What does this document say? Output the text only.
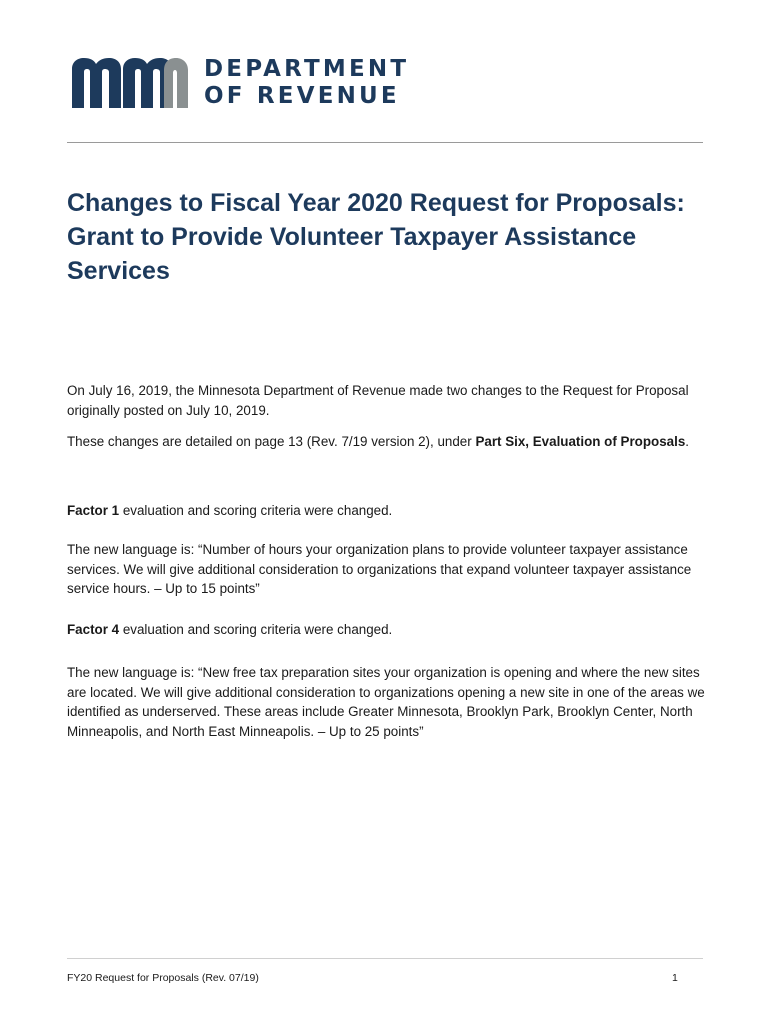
DEPARTMENT
OF REVENUE
Changes to Fiscal Year 2020 Request for Proposals: Grant to Provide Volunteer Taxpayer Assistance Services

On July 16, 2019, the Minnesota Department of Revenue made two changes to the Request for Proposal originally posted on July 10, 2019.

These changes are detailed on page 13 (Rev. 7/19 version 2), under Part Six, Evaluation of Proposals.

Factor 1 evaluation and scoring criteria were changed.

The new language is: “Number of hours your organization plans to provide volunteer taxpayer assistance services. We will give additional consideration to organizations that expand volunteer taxpayer assistance service hours. – Up to 15 points”

Factor 4 evaluation and scoring criteria were changed.

The new language is: “New free tax preparation sites your organization is opening and where the new sites are located. We will give additional consideration to organizations opening a new site in one of the areas we identified as underserved. These areas include Greater Minnesota, Brooklyn Park, Brooklyn Center, North Minneapolis, and North East Minneapolis. – Up to 25 points”

FY20 Request for Proposals (Rev. 07/19)	1
